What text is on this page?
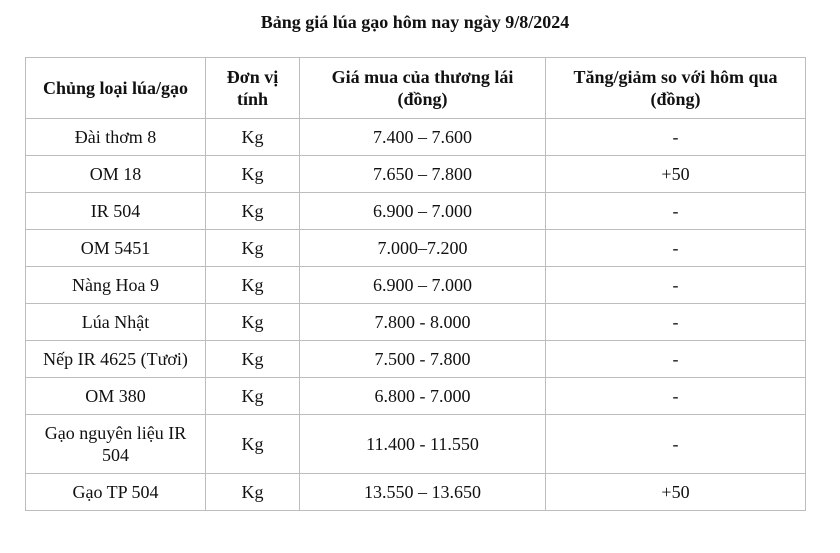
Bảng giá lúa gạo hôm nay ngày 9/8/2024
Chủng loại lúa/gạo	Đơn vị tính	Giá mua của thương lái (đồng)	Tăng/giảm so với hôm qua (đồng)
Đài thơm 8	Kg	7.400 – 7.600	-
OM 18	Kg	7.650 – 7.800	+50
IR 504	Kg	6.900 – 7.000	-
OM 5451	Kg	7.000–7.200	-
Nàng Hoa 9	Kg	6.900 – 7.000	-
Lúa Nhật	Kg	7.800 - 8.000	-
Nếp IR 4625 (Tươi)	Kg	7.500 - 7.800	-
OM 380	Kg	6.800 - 7.000	-
Gạo nguyên liệu IR 504	Kg	11.400 - 11.550	-
Gạo TP 504	Kg	13.550 – 13.650	+50
